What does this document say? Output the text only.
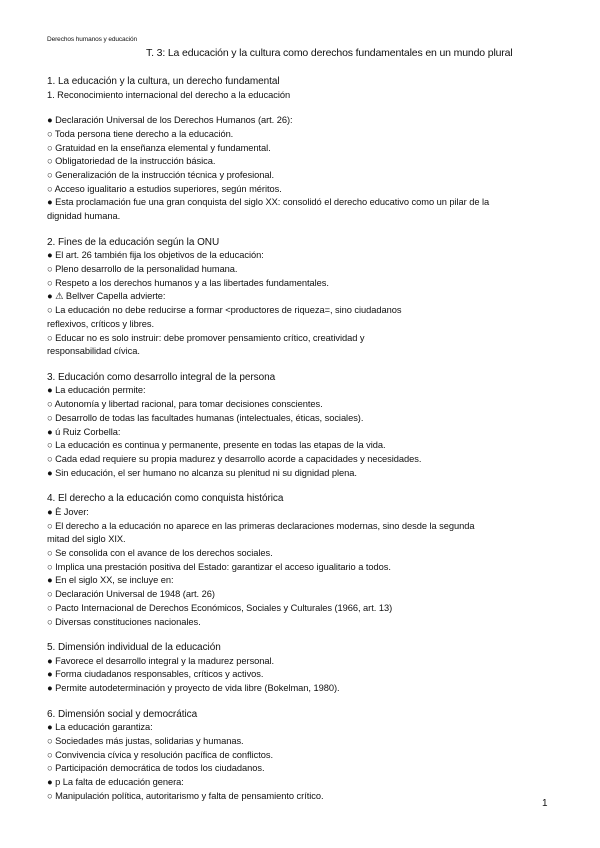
Derechos humanos y educación
T. 3: La educación y la cultura como derechos fundamentales en un mundo plural
1. La educación y la cultura, un derecho fundamental
1. Reconocimiento internacional del derecho a la educación
● Declaración Universal de los Derechos Humanos (art. 26):
○ Toda persona tiene derecho a la educación.
○ Gratuidad en la enseñanza elemental y fundamental.
○ Obligatoriedad de la instrucción básica.
○ Generalización de la instrucción técnica y profesional.
○ Acceso igualitario a estudios superiores, según méritos.
● Esta proclamación fue una gran conquista del siglo XX: consolidó el derecho educativo como un pilar de la dignidad humana.
2. Fines de la educación según la ONU
● El art. 26 también fija los objetivos de la educación:
○ Pleno desarrollo de la personalidad humana.
○ Respeto a los derechos humanos y a las libertades fundamentales.
● ⚠ Bellver Capella advierte:
○ La educación no debe reducirse a formar <productores de riqueza=, sino ciudadanos reflexivos, críticos y libres.
○ Educar no es solo instruir: debe promover pensamiento crítico, creatividad y responsabilidad cívica.
3. Educación como desarrollo integral de la persona
● La educación permite:
○ Autonomía y libertad racional, para tomar decisiones conscientes.
○ Desarrollo de todas las facultades humanas (intelectuales, éticas, sociales).
● ú Ruiz Corbella:
○ La educación es continua y permanente, presente en todas las etapas de la vida.
○ Cada edad requiere su propia madurez y desarrollo acorde a capacidades y necesidades.
● Sin educación, el ser humano no alcanza su plenitud ni su dignidad plena.
4. El derecho a la educación como conquista histórica
● È Jover:
○ El derecho a la educación no aparece en las primeras declaraciones modernas, sino desde la segunda mitad del siglo XIX.
○ Se consolida con el avance de los derechos sociales.
○ Implica una prestación positiva del Estado: garantizar el acceso igualitario a todos.
● En el siglo XX, se incluye en:
○ Declaración Universal de 1948 (art. 26)
○ Pacto Internacional de Derechos Económicos, Sociales y Culturales (1966, art. 13)
○ Diversas constituciones nacionales.
5. Dimensión individual de la educación
● Favorece el desarrollo integral y la madurez personal.
● Forma ciudadanos responsables, críticos y activos.
● Permite autodeterminación y proyecto de vida libre (Bokelman, 1980).
6. Dimensión social y democrática
● La educación garantiza:
○ Sociedades más justas, solidarias y humanas.
○ Convivencia cívica y resolución pacífica de conflictos.
○ Participación democrática de todos los ciudadanos.
● p La falta de educación genera:
○ Manipulación política, autoritarismo y falta de pensamiento crítico.
1
